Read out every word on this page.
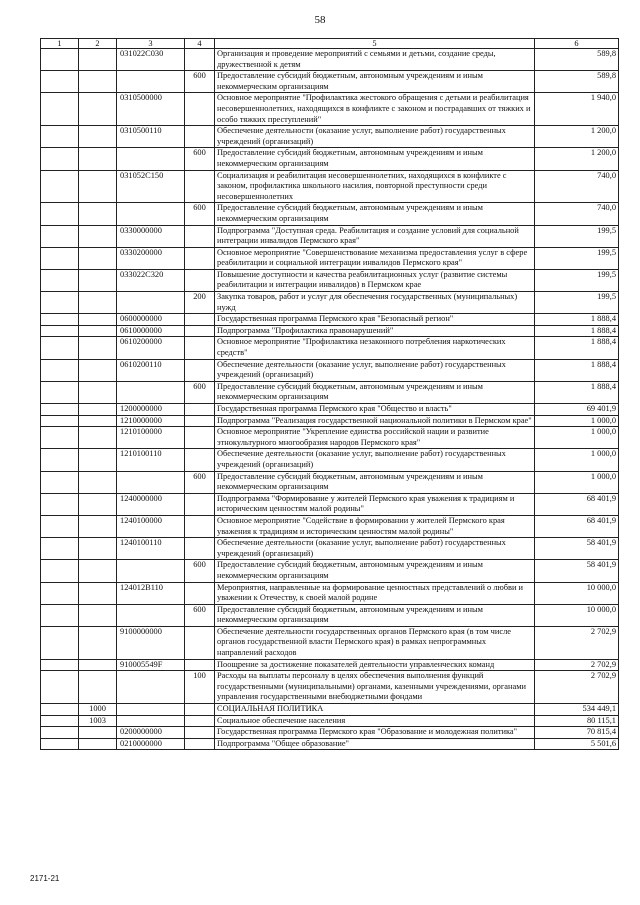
58
1	2	3	4	5	6
		031022C030		Организация и проведение мероприятий с семьями и детьми, создание среды, дружественной к детям	589,8
			600	Предоставление субсидий бюджетным, автономным учреждениям и иным некоммерческим организациям	589,8
		0310500000		Основное мероприятие "Профилактика жестокого обращения с детьми и реабилитация несовершеннолетних, находящихся в конфликте с законом и пострадавших от тяжких и особо тяжких преступлений"	1 940,0
		0310500110		Обеспечение деятельности (оказание услуг, выполнение работ) государственных учреждений (организаций)	1 200,0
			600	Предоставление субсидий бюджетным, автономным учреждениям и иным некоммерческим организациям	1 200,0
		031052С150		Социализация и реабилитация несовершеннолетних, находящихся в конфликте с законом, профилактика школьного насилия, повторной преступности среди несовершеннолетних	740,0
			600	Предоставление субсидий бюджетным, автономным учреждениям и иным некоммерческим организациям	740,0
		0330000000		Подпрограмма "Доступная среда. Реабилитация и создание условий для социальной интеграции инвалидов Пермского края"	199,5
		0330200000		Основное мероприятие "Совершенствование механизма предоставления услуг в сфере реабилитации и социальной интеграции инвалидов Пермского края"	199,5
		033022С320		Повышение доступности и качества реабилитационных услуг (развитие системы реабилитации и интеграции инвалидов) в Пермском крае	199,5
			200	Закупка товаров, работ и услуг для обеспечения государственных (муниципальных) нужд	199,5
		0600000000		Государственная программа Пермского края "Безопасный регион"	1 888,4
		0610000000		Подпрограмма "Профилактика правонарушений"	1 888,4
		0610200000		Основное мероприятие "Профилактика незаконного потребления наркотических средств"	1 888,4
		0610200110		Обеспечение деятельности (оказание услуг, выполнение работ) государственных учреждений (организаций)	1 888,4
			600	Предоставление субсидий бюджетным, автономным учреждениям и иным некоммерческим организациям	1 888,4
		1200000000		Государственная программа Пермского края "Общество и власть"	69 401,9
		1210000000		Подпрограмма "Реализация государственной национальной политики в Пермском крае"	1 000,0
		1210100000		Основное мероприятие "Укрепление единства российской нации и развитие этнокультурного многообразия народов Пермского края"	1 000,0
		1210100110		Обеспечение деятельности (оказание услуг, выполнение работ) государственных учреждений (организаций)	1 000,0
			600	Предоставление субсидий бюджетным, автономным учреждениям и иным некоммерческим организациям	1 000,0
		1240000000		Подпрограмма "Формирование у жителей Пермского края уважения к традициям и историческим ценностям малой родины"	68 401,9
		1240100000		Основное мероприятие "Содействие в формировании у жителей Пермского края уважения к традициям и историческим ценностям малой родины"	68 401,9
		1240100110		Обеспечение деятельности (оказание услуг, выполнение работ) государственных учреждений (организаций)	58 401,9
			600	Предоставление субсидий бюджетным, автономным учреждениям и иным некоммерческим организациям	58 401,9
		124012В110		Мероприятия, направленные на формирование ценностных представлений о любви и уважении к Отечеству, к своей малой родине	10 000,0
			600	Предоставление субсидий бюджетным, автономным учреждениям и иным некоммерческим организациям	10 000,0
		9100000000		Обеспечение деятельности государственных органов Пермского края (в том числе органов государственной власти Пермского края) в рамках непрограммных направлений расходов	2 702,9
		910005549F		Поощрение за достижение показателей деятельности управленческих команд	2 702,9
			100	Расходы на выплаты персоналу в целях обеспечения выполнения функций государственными (муниципальными) органами, казенными учреждениями, органами управления государственными внебюджетными фондами	2 702,9
	1000			СОЦИАЛЬНАЯ ПОЛИТИКА	534 449,1
	1003			Социальное обеспечение населения	80 115,1
		0200000000		Государственная программа Пермского края "Образование и молодежная политика"	70 815,4
		0210000000		Подпрограмма "Общее образование"	5 501,6
2171-21
